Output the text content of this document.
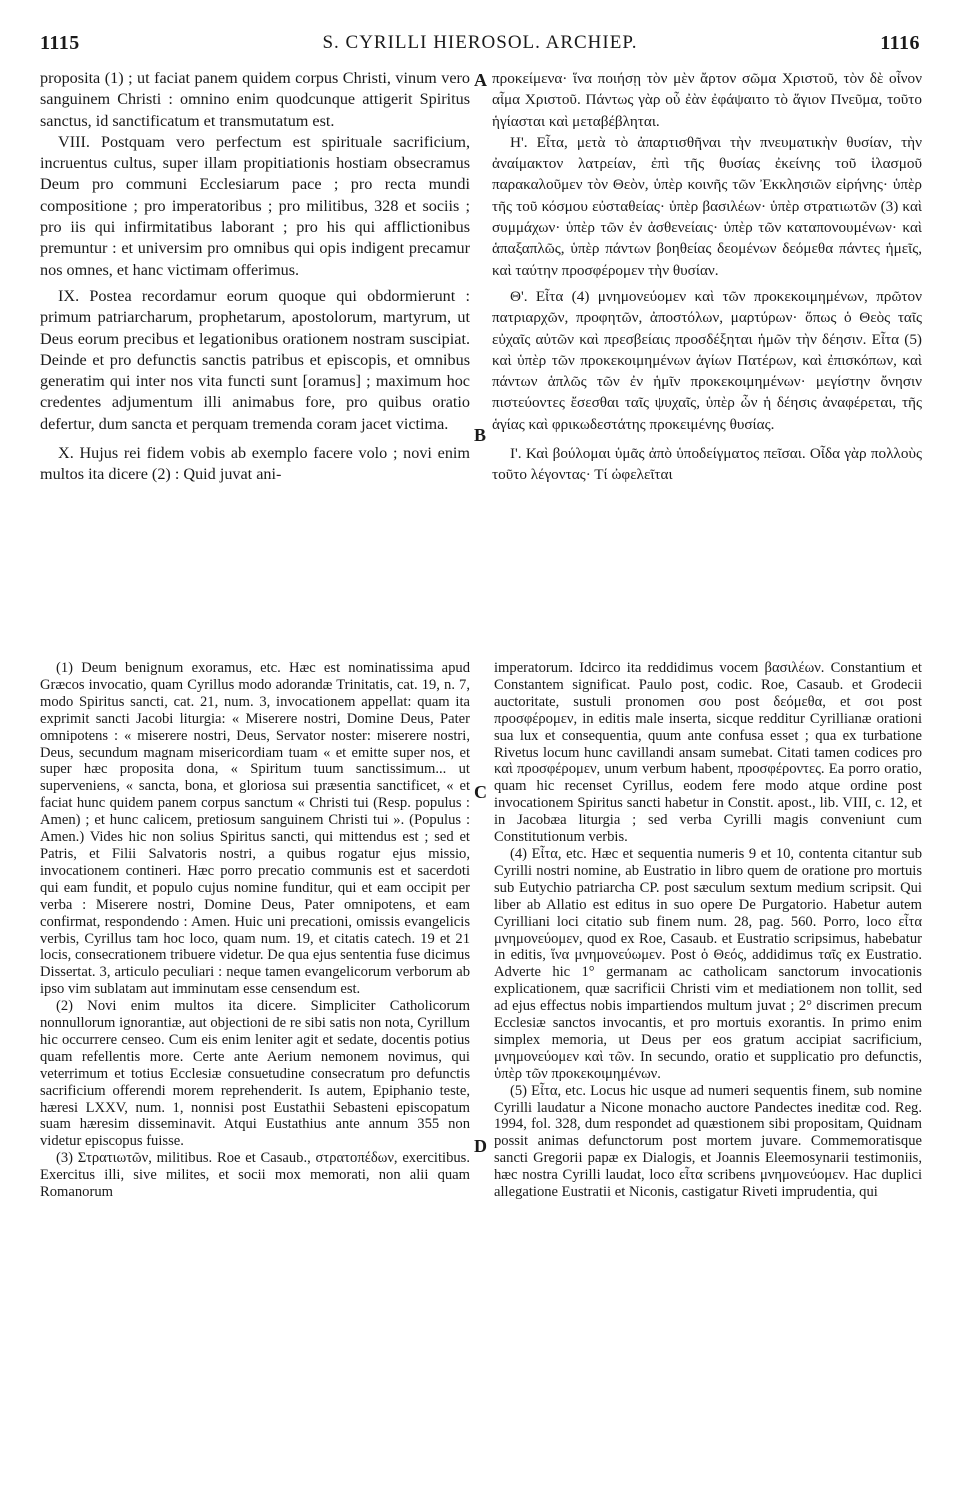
1115	S. CYRILLI HIEROSOL. ARCHIEP.	1116

proposita (1) ; ut faciat panem quidem corpus Christi, vinum vero sanguinem Christi : omnino enim quodcunque attigerit Spiritus sanctus, id sanctificatum et transmutatum est.

VIII. Postquam vero perfectum est spirituale sacrificium, incruentus cultus, super illam propitiationis hostiam obsecramus Deum pro communi Ecclesiarum pace ; pro recta mundi compositione ; pro imperatoribus ; pro militibus, 328 et sociis ; pro iis qui infirmitatibus laborant ; pro his qui afflictionibus premuntur : et universim pro omnibus qui opis indigent precamur nos omnes, et hanc victimam offerimus.

IX. Postea recordamur eorum quoque qui obdormierunt : primum patriarcharum, prophetarum, apostolorum, martyrum, ut Deus eorum precibus et legationibus orationem nostram suscipiat. Deinde et pro defunctis sanctis patribus et episcopis, et omnibus generatim qui inter nos vita functi sunt [oramus] ; maximum hoc credentes adjumentum illi animabus fore, pro quibus oratio defertur, dum sancta et perquam tremenda coram jacet victima.

X. Hujus rei fidem vobis ab exemplo facere volo ; novi enim multos ita dicere (2) : Quid juvat ani-

προκείμενα· ἵνα ποιήσῃ τὸν μὲν ἄρτον σῶμα Χριστοῦ, τὸν δὲ οἶνον αἷμα Χριστοῦ. Πάντως γὰρ οὗ ἐὰν ἐφάψαιτο τὸ ἅγιον Πνεῦμα, τοῦτο ἡγίασται καὶ μεταβέβληται.

Η'. Εἶτα, μετὰ τὸ ἀπαρτισθῆναι τὴν πνευματικὴν θυσίαν, τὴν ἀναίμακτον λατρείαν, ἐπὶ τῆς θυσίας ἐκείνης τοῦ ἱλασμοῦ παρακαλοῦμεν τὸν Θεὸν, ὑπὲρ κοινῆς τῶν Ἐκκλησιῶν εἰρήνης· ὑπὲρ τῆς τοῦ κόσμου εὐσταθείας· ὑπὲρ βασιλέων· ὑπὲρ στρατιωτῶν (3) καὶ συμμάχων· ὑπὲρ τῶν ἐν ἀσθενείαις· ὑπὲρ τῶν καταπονουμένων· καὶ ἁπαξαπλῶς, ὑπὲρ πάντων βοηθείας δεομένων δεόμεθα πάντες ἡμεῖς, καὶ ταύτην προσφέρομεν τὴν θυσίαν.

Θ'. Εἶτα (4) μνημονεύομεν καὶ τῶν προκεκοιμημένων, πρῶτον πατριαρχῶν, προφητῶν, ἀποστόλων, μαρτύρων· ὅπως ὁ Θεὸς ταῖς εὐχαῖς αὐτῶν καὶ πρεσβείαις προσδέξηται ἡμῶν τὴν δέησιν. Εἶτα (5) καὶ ὑπὲρ τῶν προκεκοιμημένων ἁγίων Πατέρων, καὶ ἐπισκόπων, καὶ πάντων ἁπλῶς τῶν ἐν ἡμῖν προκεκοιμημένων· μεγίστην ὄνησιν πιστεύοντες ἔσεσθαι ταῖς ψυχαῖς, ὑπὲρ ὧν ἡ δέησις ἀναφέρεται, τῆς ἁγίας καὶ φρικωδεστάτης προκειμένης θυσίας.

Ι'. Καὶ βούλομαι ὑμᾶς ἀπὸ ὑποδείγματος πεῖσαι. Οἶδα γὰρ πολλοὺς τοῦτο λέγοντας· Τί ὠφελεῖται

A
B
C
D

(1) Deum benignum exoramus, etc. Hæc est nominatissima apud Græcos invocatio, quam Cyrillus modo adorandæ Trinitatis, cat. 19, n. 7, modo Spiritus sancti, cat. 21, num. 3, invocationem appellat: quam ita exprimit sancti Jacobi liturgia: « Miserere nostri, Domine Deus, Pater omnipotens : « miserere nostri, Deus, Servator noster: miserere nostri, Deus, secundum magnam misericordiam tuam « et emitte super nos, et super hæc proposita dona, « Spiritum tuum sanctissimum... ut superveniens, « sancta, bona, et gloriosa sui præsentia sanctificet, « et faciat hunc quidem panem corpus sanctum « Christi tui (Resp. populus : Amen) ; et hunc calicem, pretiosum sanguinem Christi tui ». (Populus : Amen.) Vides hic non solius Spiritus sancti, qui mittendus est ; sed et Patris, et Filii Salvatoris nostri, a quibus rogatur ejus missio, invocationem contineri. Hæc porro precatio communis est et sacerdoti qui eam fundit, et populo cujus nomine funditur, qui et eam occipit per verba : Miserere nostri, Domine Deus, Pater omnipotens, et eam confirmat, respondendo : Amen. Huic uni precationi, omissis evangelicis verbis, Cyrillus tam hoc loco, quam num. 19, et citatis catech. 19 et 21 locis, consecrationem tribuere videtur. De qua ejus sententia fuse dicimus Dissertat. 3, articulo peculiari : neque tamen evangelicorum verborum ab ipso vim sublatam aut imminutam esse censendum est.

(2) Novi enim multos ita dicere. Simpliciter Catholicorum nonnullorum ignorantiæ, aut objectioni de re sibi satis non nota, Cyrillum hic occurrere censeo. Cum eis enim leniter agit et sedate, docentis potius quam refellentis more. Certe ante Aerium nemonem novimus, qui veterrimum et totius Ecclesiæ consuetudine consecratum pro defunctis sacrificium offerendi morem reprehenderit. Is autem, Epiphanio teste, hæresi LXXV, num. 1, nonnisi post Eustathii Sebasteni episcopatum suam hæresim disseminavit. Atqui Eustathius ante annum 355 non videtur episcopus fuisse.

(3) Στρατιωτῶν, militibus. Roe et Casaub., στρατοπέδων, exercitibus. Exercitus illi, sive milites, et socii mox memorati, non alii quam Romanorum

imperatorum. Idcirco ita reddidimus vocem βασιλέων. Constantium et Constantem significat. Paulo post, codic. Roe, Casaub. et Grodecii auctoritate, sustuli pronomen σου post δεόμεθα, et σοι post προσφέρομεν, in editis male inserta, sicque redditur Cyrillianæ orationi sua lux et consequentia, quum ante confusa esset ; qua ex turbatione Rivetus locum hunc cavillandi ansam sumebat. Citati tamen codices pro καὶ προσφέρομεν, unum verbum habent, προσφέροντες. Ea porro oratio, quam hic recenset Cyrillus, eodem fere modo atque ordine post invocationem Spiritus sancti habetur in Constit. apost., lib. VIII, c. 12, et in Jacobæa liturgia ; sed verba Cyrilli magis conveniunt cum Constitutionum verbis.

(4) Εἶτα, etc. Hæc et sequentia numeris 9 et 10, contenta citantur sub Cyrilli nostri nomine, ab Eustratio in libro quem de oratione pro mortuis sub Eutychio patriarcha CP. post sæculum sextum medium scripsit. Qui liber ab Allatio est editus in suo opere De Purgatorio. Habetur autem Cyrilliani loci citatio sub finem num. 28, pag. 560. Porro, loco εἶτα μνημονεύομεν, quod ex Roe, Casaub. et Eustratio scripsimus, habebatur in editis, ἵνα μνημονεύωμεν. Post ὁ Θεός, addidimus ταῖς ex Eustratio. Adverte hic 1° germanam ac catholicam sanctorum invocationis explicationem, quæ sacrificii Christi vim et mediationem non tollit, sed ad ejus effectus nobis impartiendos multum juvat ; 2° discrimen precum Ecclesiæ sanctos invocantis, et pro mortuis exorantis. In primo enim simplex memoria, ut Deus per eos gratum accipiat sacrificium, μνημονεύομεν καὶ τῶν. In secundo, oratio et supplicatio pro defunctis, ὑπὲρ τῶν προκεκοιμημένων.

(5) Εἶτα, etc. Locus hic usque ad numeri sequentis finem, sub nomine Cyrilli laudatur a Nicone monacho auctore Pandectes ineditæ cod. Reg. 1994, fol. 328, dum respondet ad quæstionem sibi propositam, Quidnam possit animas defunctorum post mortem juvare. Commemoratisque sancti Gregorii papæ ex Dialogis, et Joannis Eleemosynarii testimoniis, hæc nostra Cyrilli laudat, loco εἶτα scribens μνημονεύομεν. Hac duplici allegatione Eustratii et Niconis, castigatur Riveti imprudentia, qui
